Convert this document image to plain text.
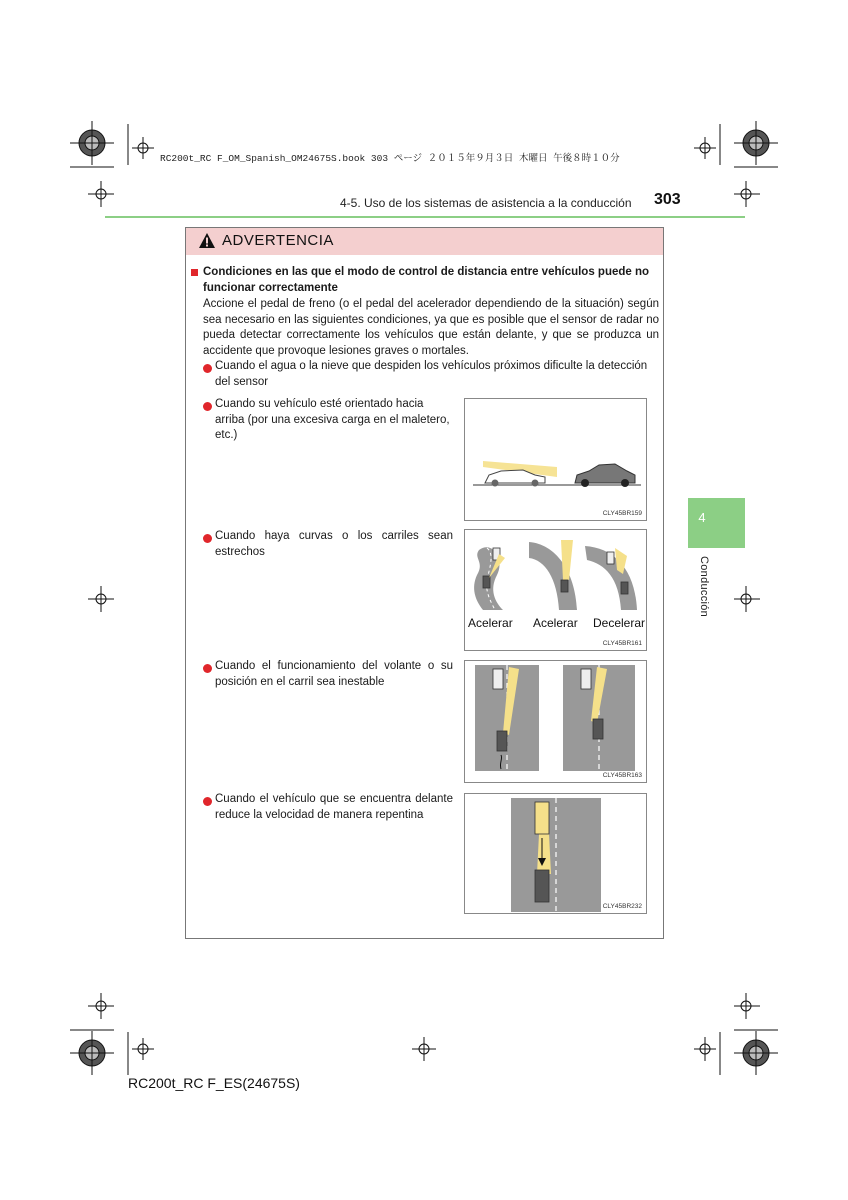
RC200t_RC F_OM_Spanish_OM24675S.book 303 ページ ２０１５年９月３日 木曜日 午後８時１０分
4-5. Uso de los sistemas de asistencia a la conducción 303
4
Conducción
ADVERTENCIA
Condiciones en las que el modo de control de distancia entre vehículos puede no funcionar correctamente
Accione el pedal de freno (o el pedal del acelerador dependiendo de la situación) según sea necesario en las siguientes condiciones, ya que es posible que el sensor de radar no pueda detectar correctamente los vehículos que están delante, y que se produzca un accidente que provoque lesiones graves o mortales.
Cuando el agua o la nieve que despiden los vehículos próximos dificulte la detección del sensor
Cuando su vehículo esté orientado hacia arriba (por una excesiva carga en el maletero, etc.)
Cuando haya curvas o los carriles sean estrechos
Cuando el funcionamiento del volante o su posición en el carril sea inestable
Cuando el vehículo que se encuentra delante reduce la velocidad de manera repentina
CLY45BR159
Acelerar Acelerar Decelerar
CLY45BR161
CLY45BR163
CLY45BR232
RC200t_RC F_ES(24675S)
